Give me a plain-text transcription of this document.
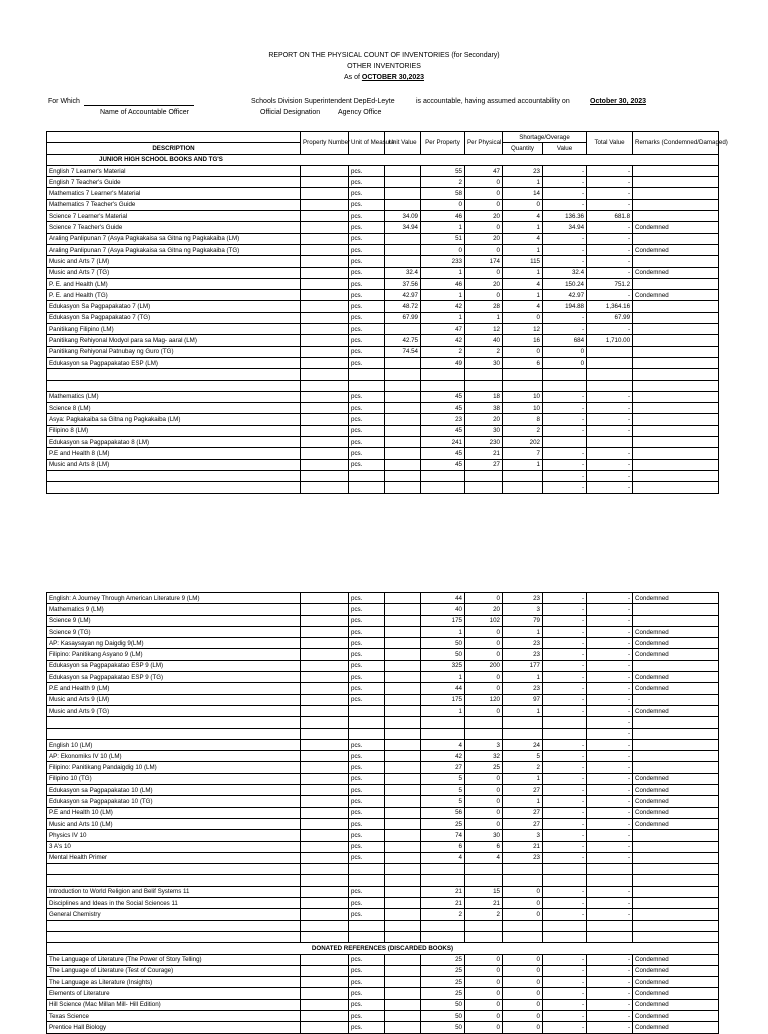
REPORT ON THE PHYSICAL COUNT OF INVENTORIES (for Secondary)
OTHER INVENTORIES
As of OCTOBER 30,2023
For Which
Name of Accountable Officer
Schools Division Superintendent DepEd-Leyte
Official Designation	Agency Office
is accountable, having assumed accountability on	October 30, 2023
	Property Number	Unit of Measure	Unit Value	Per Property	Per Physical	Shortage/Overage		Total Value	Remarks (Condemned/Damaged)
DESCRIPTION						Quantity	Value		
JUNIOR HIGH SCHOOL BOOKS AND TG'S									
English 7 Learner's Material		pcs.		55	47	23	-	-	
English 7 Teacher's Guide		pcs.		2	0	1	-	-	
Mathematics 7 Learner's Material		pcs.		58	0	14	-	-	
Mathematics 7 Teacher's Guide		pcs.		0	0	0	-	-	
Science 7 Learner's Material		pcs.	34.09	46	20	4	136.36	681.8	
Science 7 Teacher's Guide		pcs.	34.94	1	0	1	34.94	-	Condemned
Araling Panlipunan 7 (Asya Pagkakaisa sa Gitna ng Pagkakaiba (LM)		pcs.		51	20	4	-	-	
Araling Panlipunan 7 (Asya Pagkakaisa sa Gitna ng Pagkakaiba (TG)		pcs.		0	0	1	-	-	Condemned
Music and Arts 7 (LM)		pcs.		233	174	115	-	-	
Music and Arts 7 (TG)		pcs.	32.4	1	0	1	32.4	-	Condemned
P. E. and Health (LM)		pcs.	37.56	46	20	4	150.24	751.2	
P. E. and Health (TG)		pcs.	42.97	1	0	1	42.97	-	Condemned
Edukasyon Sa Pagpapakatao 7 (LM)		pcs.	48.72	42	28	4	194.88	1,364.16	
Edukasyon Sa Pagpapakatao 7 (TG)		pcs.	67.99	1	1	0	-	67.99	
Panitikang Filipino (LM)		pcs.		47	12	12	-	-	
Panitikang Rehiyonal Modyol para sa Mag- aaral (LM)		pcs.	42.75	42	40	16	684	1,710.00	
Panitikang Rehiyonal Patnubay ng Guro (TG)		pcs.	74.54	2	2	0	0		
Edukasyon sa Pagpapakatao ESP (LM)		pcs.		49	30	6	0		

Mathematics (LM)		pcs.		45	18	10	-	-	
Science 8 (LM)		pcs.		45	38	10	-	-	
Asya: Pagkakaiba sa Gitna ng Pagkakaiba (LM)		pcs.		23	20	8	-	-	
Filipino 8 (LM)		pcs.		45	30	2	-	-	
Edukasyon sa Pagpapakatao 8 (LM)		pcs.		241	230	202			
P.E and Health 8 (LM)		pcs.		45	21	7	-	-	
Music and Arts 8 (LM)		pcs.		45	27	1	-	-	
							-	-	
							-	-	
English: A Journey Through American Literature 9 (LM)		pcs.		44	0	23	-	-	Condemned
Mathematics 9 (LM)		pcs.		40	20	3	-	-	
Science 9 (LM)		pcs.		175	102	79	-	-	
Science 9 (TG)		pcs.		1	0	1	-	-	Condemned
AP: Kasaysayan ng Daigdig 9(LM)		pcs.		50	0	23	-	-	Condemned
Filipino: Panitikang Asyano 9 (LM)		pcs.		50	0	23	-	-	Condemned
Edukasyon sa Pagpapakatao ESP 9 (LM)		pcs.		325	200	177	-	-	
Edukasyon sa Pagpapakatao ESP 9 (TG)		pcs.		1	0	1	-	-	Condemned
P.E and Health 9 (LM)		pcs.		44	0	23	-	-	Condemned
Music and Arts 9 (LM)		pcs.		175	120	97	-	-	
Music and Arts 9 (TG)				1	0	1	-	-	Condemned
								-	
								-	
English 10 (LM)		pcs.		4	3	24	-	-	
AP: Ekonomiks IV 10 (LM)		pcs.		42	32	5	-	-	
Filipino: Panitikang Pandaigdig 10 (LM)		pcs.		27	25	2	-	-	
Filipino 10 (TG)		pcs.		5	0	1	-	-	Condemned
Edukasyon sa Pagpapakatao 10 (LM)		pcs.		5	0	27	-	-	Condemned
Edukasyon sa Pagpapakatao 10 (TG)		pcs.		5	0	1	-	-	Condemned
P.E and Health 10 (LM)		pcs.		56	0	27	-	-	Condemned
Music and Arts 10 (LM)		pcs.		25	0	27	-	-	Condemned
Physics IV 10		pcs.		74	30	3	-	-	
3 A's 10		pcs.		6	6	21	-	-	
Mental Health Primer		pcs.		4	4	23	-	-	

Introduction to World Religion and Belif Systems 11		pcs.		21	15	0	-	-	
Disciplines and Ideas in the Social Sciences 11		pcs.		21	21	0	-	-	
General Chemistry		pcs.		2	2	0	-	-	

DONATED REFERENCES (DISCARDED BOOKS)									
The Language of Literature (The Power of Story Telling)		pcs.		25	0	0	-	-	Condemned
The Language of Literature (Test of Courage)		pcs.		25	0	0	-	-	Condemned
The Language as Literature (Insights)		pcs.		25	0	0	-	-	Condemned
Elements of Literature		pcs.		25	0	0	-	-	Condemned
Hill Science (Mac Millan Mill- Hill Edition)		pcs.		50	0	0	-	-	Condemned
Texas Science		pcs.		50	0	0	-	-	Condemned
Prentice Hall Biology		pcs.		50	0	0	-	-	Condemned
